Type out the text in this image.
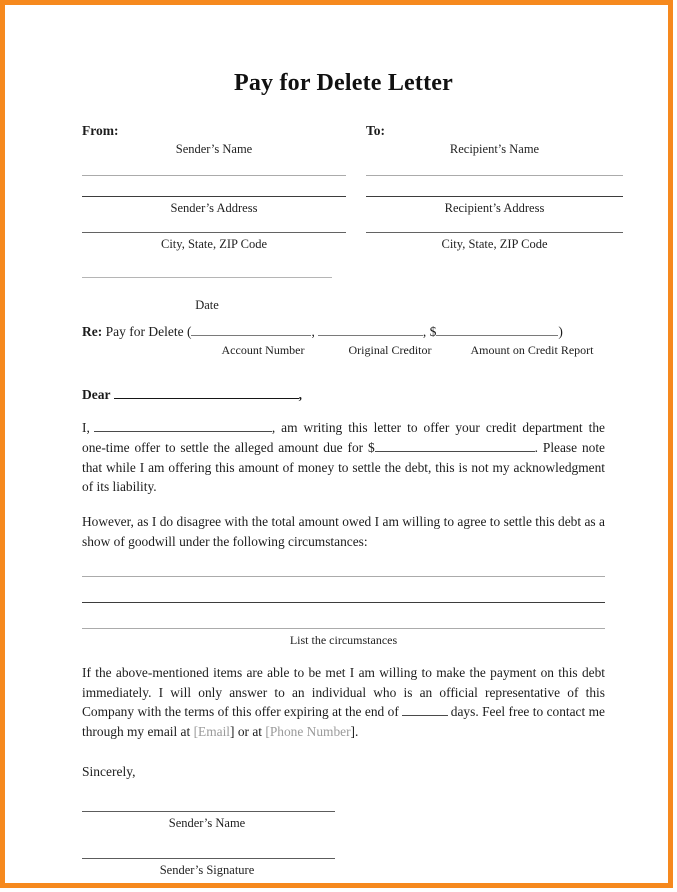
Pay for Delete Letter
From:
Sender’s Name
Sender’s Address
City, State, ZIP Code
Date
To:
Recipient’s Name
Recipient’s Address
City, State, ZIP Code
Re: Pay for Delete (	,	, $	)
Account Number	Original Creditor	Amount on Credit Report
Dear	,
I,	, am writing this letter to offer your credit department the one-time offer to settle the alleged amount due for $	. Please note that while I am offering this amount of money to settle the debt, this is not my acknowledgment of its liability.
However, as I do disagree with the total amount owed I am willing to agree to settle this debt as a show of goodwill under the following circumstances:
List the circumstances
If the above-mentioned items are able to be met I am willing to make the payment on this debt immediately. I will only answer to an individual who is an official representative of this Company with the terms of this offer expiring at the end of	days. Feel free to contact me through my email at [Email] or at [Phone Number].
Sincerely,
Sender’s Name
Sender’s Signature
